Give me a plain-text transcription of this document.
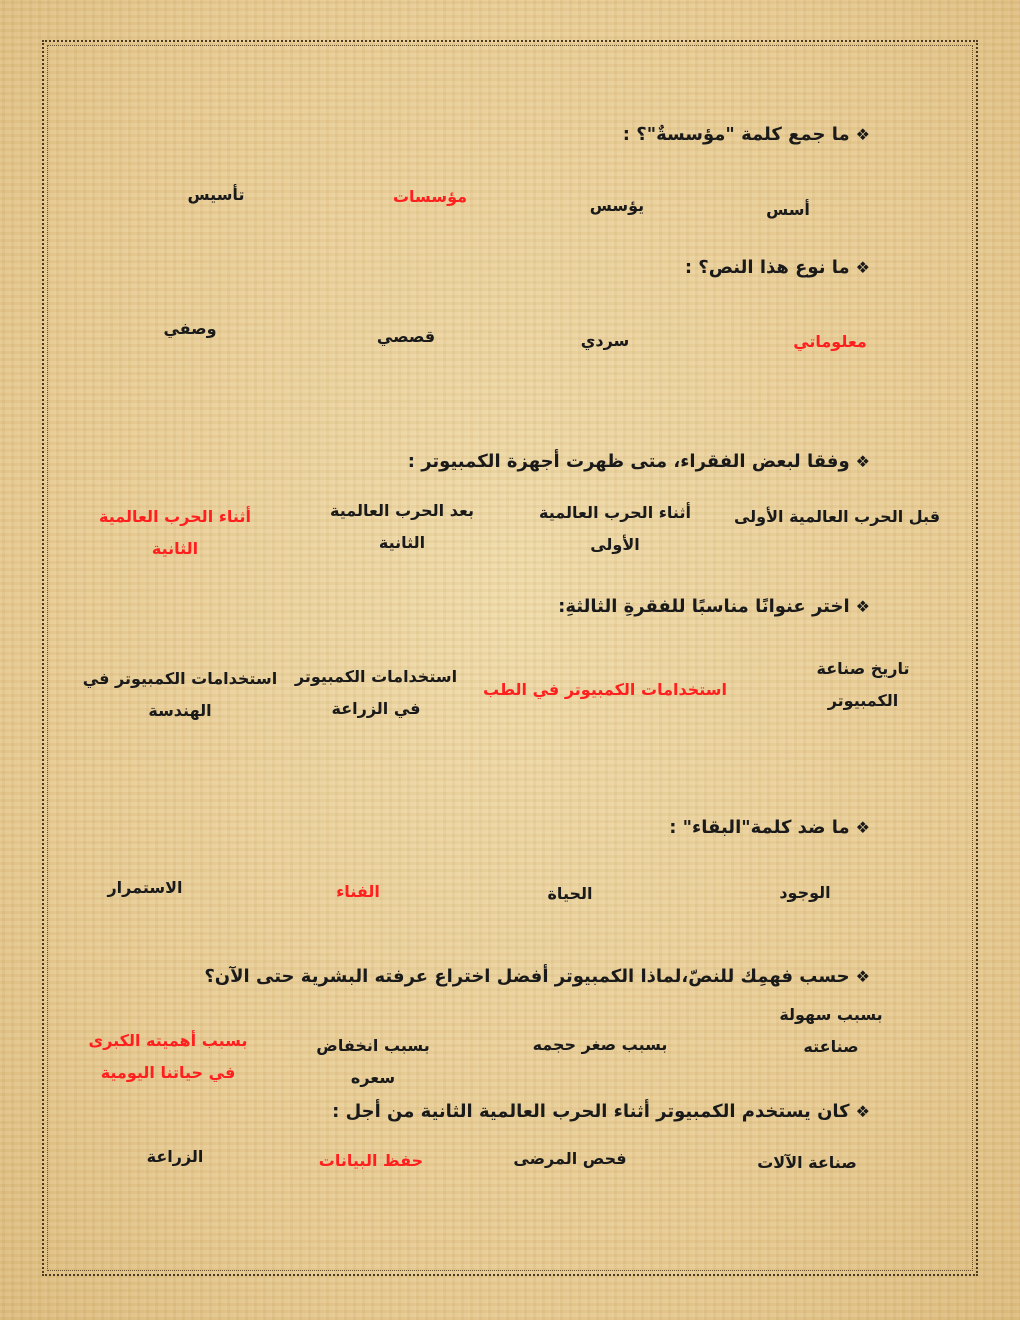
❖ما جمع كلمة "مؤسسةٌ"؟ :
أسس
يؤسس
مؤسسات
تأسيس
❖ما نوع هذا النص؟ :
معلوماتي
سردي
قصصي
وصفي
❖وفقا لبعض الفقراء، متى ظهرت أجهزة الكمبيوتر :
قبل الحرب العالمية الأولى
أثناء الحرب العالمية الأولى
بعد الحرب العالمية الثانية
أثناء الحرب العالمية الثانية
❖اختر عنوانًا مناسبًا للفقرةِ الثالثةِ:
تاريخ صناعة الكمبيوتر
استخدامات الكمبيوتر في الطب
استخدامات الكمبيوتر في الزراعة
استخدامات الكمبيوتر في الهندسة
❖ما ضد كلمة"البقاء" :
الوجود
الحياة
الفناء
الاستمرار
❖حسب فهمِك للنصّ،لماذا الكمبيوتر أفضل اختراع عرفته البشرية حتى الآن؟
بسبب سهولة صناعته
بسبب صغر حجمه
بسبب انخفاض سعره
بسبب أهميته الكبرى في حياتنا اليومية
❖كان يستخدم الكمبيوتر أثناء الحرب العالمية الثانية من أجل :
صناعة الآلات
فحص المرضى
حفظ البيانات
الزراعة
